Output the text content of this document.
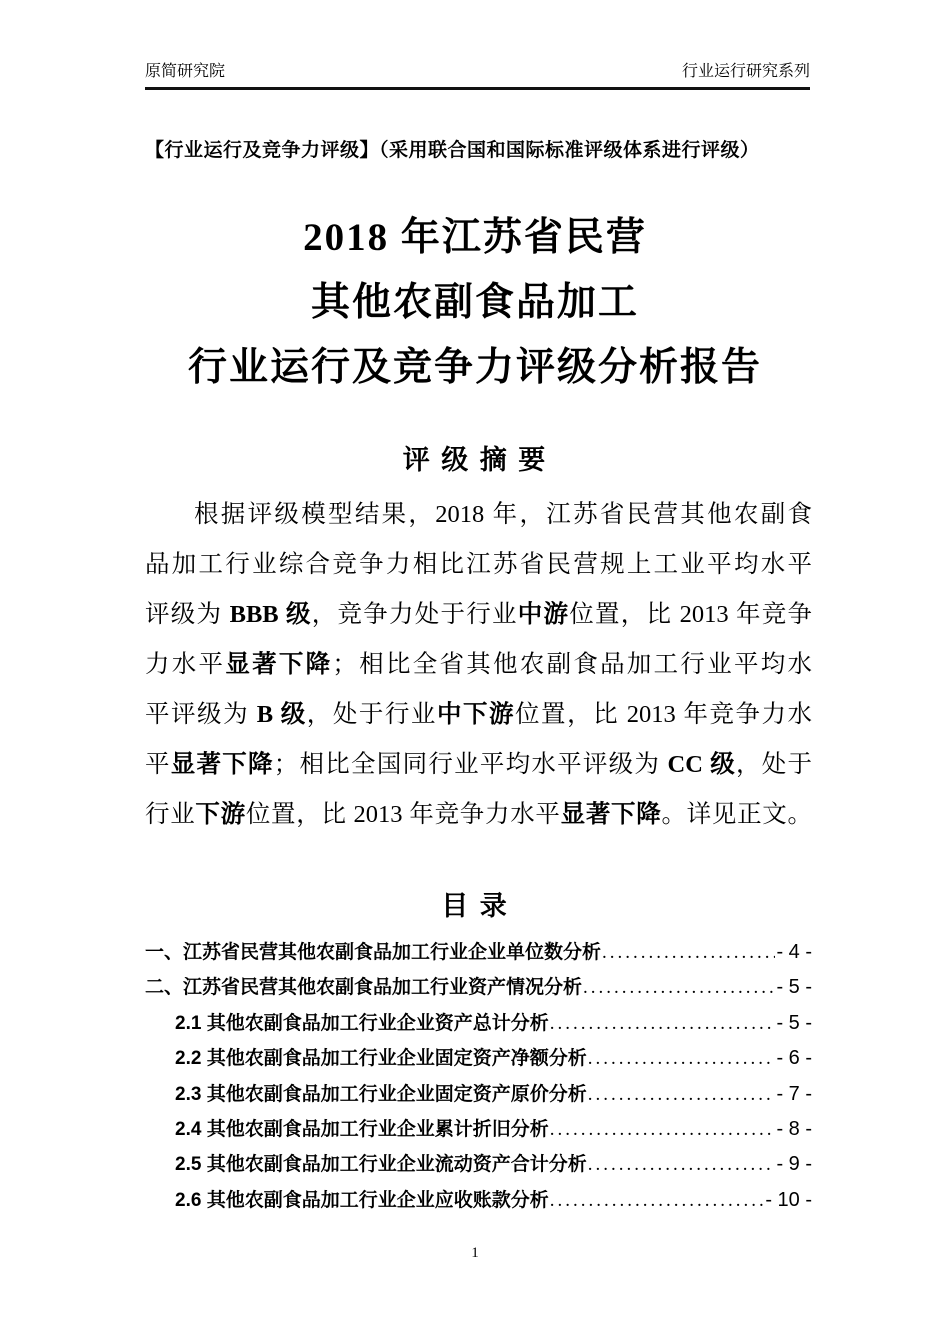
原简研究院	行业运行研究系列
【行业运行及竞争力评级】（采用联合国和国际标准评级体系进行评级）
2018 年江苏省民营
其他农副食品加工
行业运行及竞争力评级分析报告
评 级 摘 要
根据评级模型结果，2018 年，江苏省民营其他农副食
品加工行业综合竞争力相比江苏省民营规上工业平均水平
评级为 BBB 级，竞争力处于行业中游位置，比 2013 年竞争
力水平显著下降；相比全省其他农副食品加工行业平均水
平评级为 B 级，处于行业中下游位置，比 2013 年竞争力水
平显著下降；相比全国同行业平均水平评级为 CC 级，处于
行业下游位置，比 2013 年竞争力水平显著下降。详见正文。
目 录
一、江苏省民营其他农副食品加工行业企业单位数分析 .....	- 4 -
二、江苏省民营其他农副食品加工行业资产情况分析 .....	- 5 -
2.1 其他农副食品加工行业企业资产总计分析 .....	- 5 -
2.2 其他农副食品加工行业企业固定资产净额分析 .....	- 6 -
2.3 其他农副食品加工行业企业固定资产原价分析 .....	- 7 -
2.4 其他农副食品加工行业企业累计折旧分析 .....	- 8 -
2.5 其他农副食品加工行业企业流动资产合计分析 .....	- 9 -
2.6 其他农副食品加工行业企业应收账款分析 .....	- 10 -
1
